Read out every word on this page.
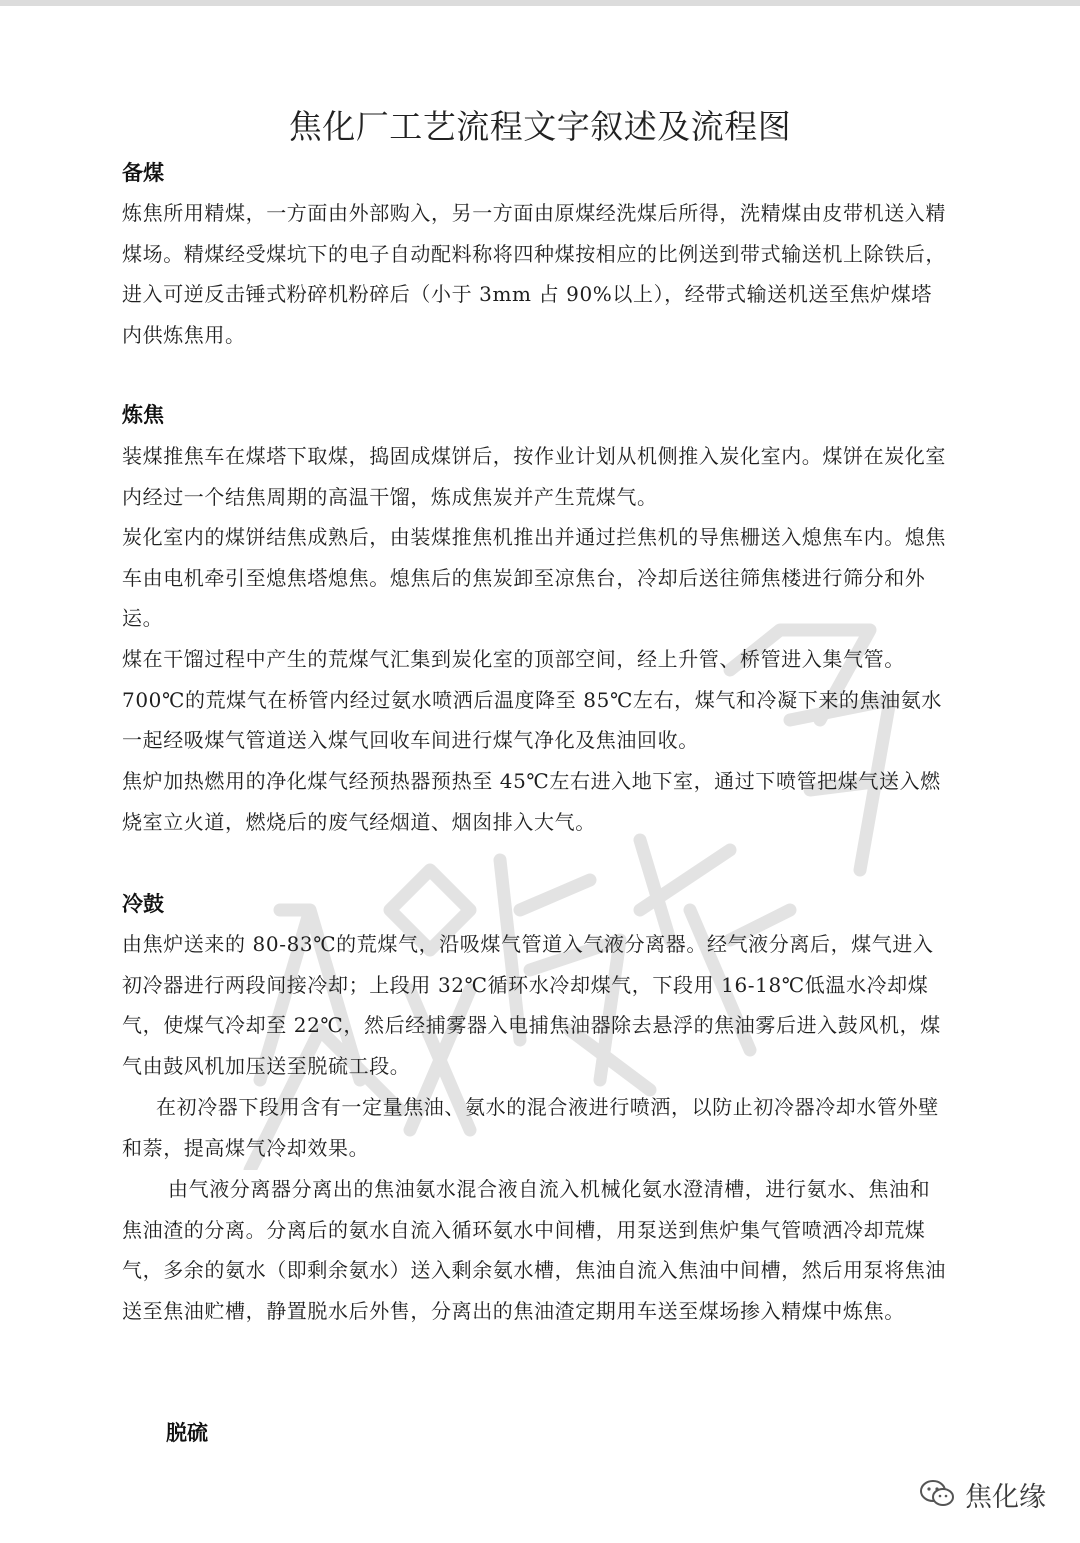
焦化厂工艺流程文字叙述及流程图
备煤

炼焦所用精煤，一方面由外部购入，另一方面由原煤经洗煤后所得，洗精煤由皮带机送入精煤场。精煤经受煤坑下的电子自动配料称将四种煤按相应的比例送到带式输送机上除铁后，进入可逆反击锤式粉碎机粉碎后（小于 3mm 占 90%以上），经带式输送机送至焦炉煤塔内供炼焦用。

炼焦

装煤推焦车在煤塔下取煤，捣固成煤饼后，按作业计划从机侧推入炭化室内。煤饼在炭化室内经过一个结焦周期的高温干馏，炼成焦炭并产生荒煤气。

炭化室内的煤饼结焦成熟后，由装煤推焦机推出并通过拦焦机的导焦栅送入熄焦车内。熄焦车由电机牵引至熄焦塔熄焦。熄焦后的焦炭卸至凉焦台，冷却后送往筛焦楼进行筛分和外运。

煤在干馏过程中产生的荒煤气汇集到炭化室的顶部空间，经上升管、桥管进入集气管。700℃的荒煤气在桥管内经过氨水喷洒后温度降至 85℃左右，煤气和冷凝下来的焦油氨水一起经吸煤气管道送入煤气回收车间进行煤气净化及焦油回收。

焦炉加热燃用的净化煤气经预热器预热至 45℃左右进入地下室，通过下喷管把煤气送入燃烧室立火道，燃烧后的废气经烟道、烟囱排入大气。

冷鼓

由焦炉送来的 80-83℃的荒煤气，沿吸煤气管道入气液分离器。经气液分离后，煤气进入初冷器进行两段间接冷却；上段用 32℃循环水冷却煤气，下段用 16-18℃低温水冷却煤气，使煤气冷却至 22℃，然后经捕雾器入电捕焦油器除去悬浮的焦油雾后进入鼓风机，煤气由鼓风机加压送至脱硫工段。

在初冷器下段用含有一定量焦油、氨水的混合液进行喷洒，以防止初冷器冷却水管外壁和萘，提高煤气冷却效果。

由气液分离器分离出的焦油氨水混合液自流入机械化氨水澄清槽，进行氨水、焦油和焦油渣的分离。分离后的氨水自流入循环氨水中间槽，用泵送到焦炉集气管喷洒冷却荒煤气，多余的氨水（即剩余氨水）送入剩余氨水槽，焦油自流入焦油中间槽，然后用泵将焦油送至焦油贮槽，静置脱水后外售，分离出的焦油渣定期用车送至煤场掺入精煤中炼焦。

脱硫
焦化缘
